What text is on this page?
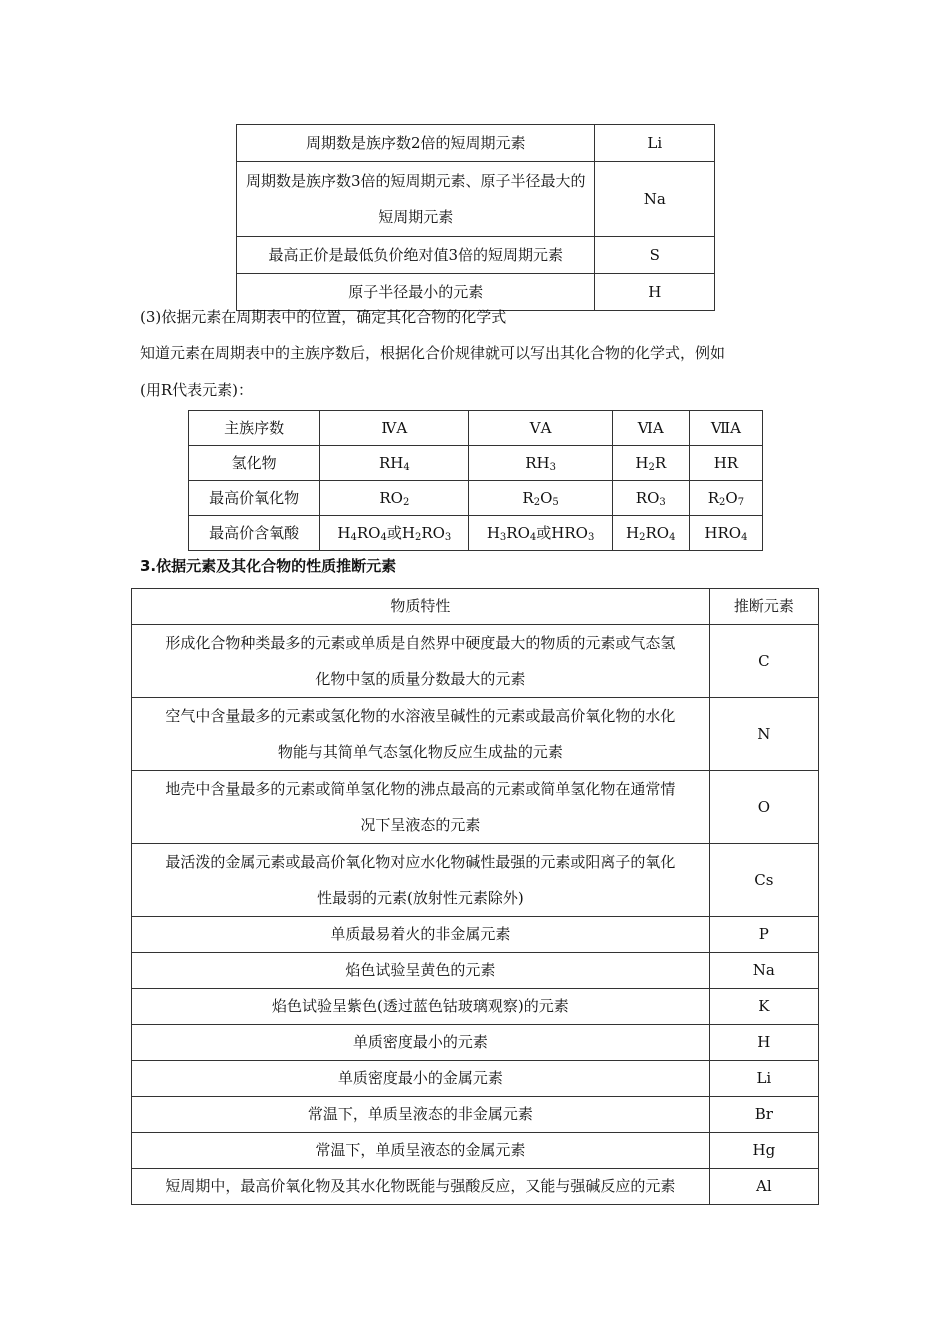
周期数是族序数2倍的短周期元素	Li
周期数是族序数3倍的短周期元素、原子半径最大的短周期元素	Na
最高正价是最低负价绝对值3倍的短周期元素	S
原子半径最小的元素	H
(3)依据元素在周期表中的位置，确定其化合物的化学式
知道元素在周期表中的主族序数后，根据化合价规律就可以写出其化合物的化学式，例如
(用R代表元素)：
主族序数	ⅣA	ⅤA	ⅥA	ⅦA
氢化物	$RH_4$	$RH_3$	$H_2R$	HR
最高价氧化物	$RO_2$	$R_2O_5$	$RO_3$	$R_2O_7$
最高价含氧酸	$H_4RO_4$或$H_2RO_3$	$H_3RO_4$或$HRO_3$	$H_2RO_4$	$HRO_4$
3.依据元素及其化合物的性质推断元素
物质特性	推断元素

形成化合物种类最多的元素或单质是自然界中硬度最大的物质的元素或气态氢
化物中氢的质量分数最大的元素	C

空气中含量最多的元素或氢化物的水溶液呈碱性的元素或最高价氧化物的水化
物能与其简单气态氢化物反应生成盐的元素	N

地壳中含量最多的元素或简单氢化物的沸点最高的元素或简单氢化物在通常情
况下呈液态的元素	O

最活泼的金属元素或最高价氧化物对应水化物碱性最强的元素或阳离子的氧化
性最弱的元素(放射性元素除外)	Cs
单质最易着火的非金属元素	P
焰色试验呈黄色的元素	Na
焰色试验呈紫色(透过蓝色钴玻璃观察)的元素	K
单质密度最小的元素	H
单质密度最小的金属元素	Li
常温下，单质呈液态的非金属元素	Br
常温下，单质呈液态的金属元素	Hg
短周期中，最高价氧化物及其水化物既能与强酸反应，又能与强碱反应的元素	Al
